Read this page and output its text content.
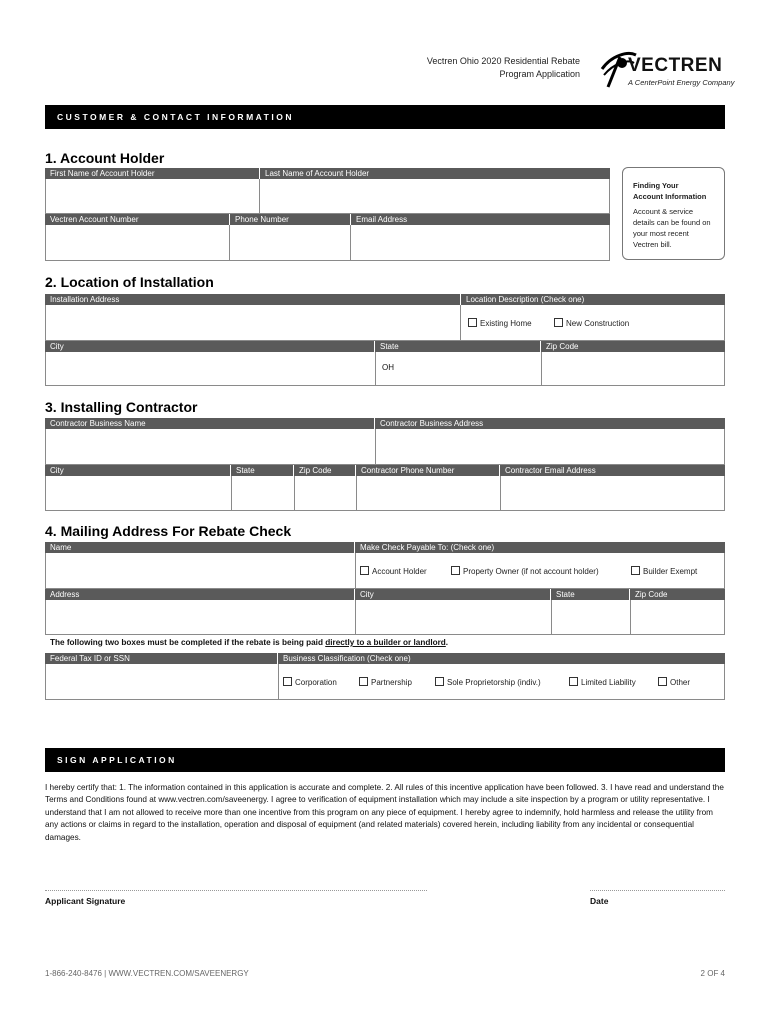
Vectren Ohio 2020 Residential Rebate
Program Application	VECTREN
A CenterPoint Energy Company
CUSTOMER & CONTACT INFORMATION
1. Account Holder
First Name of Account Holder	Last Name of Account Holder
Vectren Account Number	Phone Number	Email Address
Finding Your
Account Information
Account & service details can be found on your most recent Vectren bill.
2. Location of Installation
Installation Address	Location Description (Check one)
Existing Home	New Construction
City	State	Zip Code
OH
3. Installing Contractor
Contractor Business Name	Contractor Business Address
City	State	Zip Code	Contractor Phone Number	Contractor Email Address
4. Mailing Address For Rebate Check
Name	Make Check Payable To: (Check one)
Account Holder	Property Owner (if not account holder)	Builder Exempt
Address	City	State	Zip Code
The following two boxes must be completed if the rebate is being paid directly to a builder or landlord.
Federal Tax ID or SSN	Business Classification (Check one)
Corporation	Partnership	Sole Proprietorship (indiv.)	Limited Liability	Other
SIGN APPLICATION
I hereby certify that: 1. The information contained in this application is accurate and complete. 2. All rules of this incentive application have been followed. 3. I have read and understand the Terms and Conditions found at www.vectren.com/saveenergy. I agree to verification of equipment installation which may include a site inspection by a program or utility representative. I understand that I am not allowed to receive more than one incentive from this program on any piece of equipment. I hereby agree to indemnify, hold harmless and release the utility from any actions or claims in regard to the installation, operation and disposal of equipment (and related materials) covered herein, including liability from any incidental or consequential damages.
Applicant Signature	Date
1-866-240-8476 | WWW.VECTREN.COM/SAVEENERGY	2 OF 4
